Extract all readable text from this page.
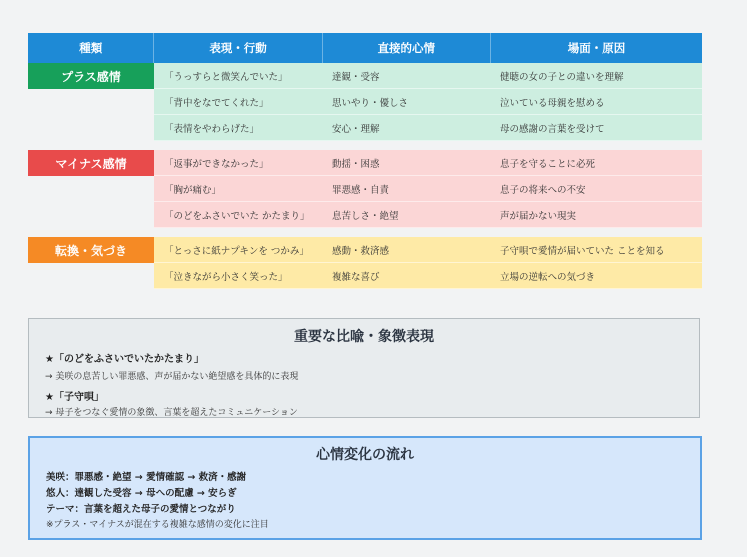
種類	表現・行動	直接的心情	場面・原因
プラス感情	「うっすらと微笑んでいた」	達観・受容	健聴の女の子との違いを理解
「背中をなでてくれた」	思いやり・優しさ	泣いている母親を慰める
「表情をやわらげた」	安心・理解	母の感謝の言葉を受けて
マイナス感情	「返事ができなかった」	動揺・困惑	息子を守ることに必死
「胸が痛む」	罪悪感・自責	息子の将来への不安
「のどをふさいでいた かたまり」	息苦しさ・絶望	声が届かない現実
転換・気づき	「とっさに紙ナプキンを つかみ」	感動・救済感	子守唄で愛情が届いていた ことを知る
「泣きながら小さく笑った」	複雑な喜び	立場の逆転への気づき
重要な比喩・象徴表現
★「のどをふさいでいたかたまり」
→ 美咲の息苦しい罪悪感、声が届かない絶望感を具体的に表現
★「子守唄」
→ 母子をつなぐ愛情の象徴、言葉を超えたコミュニケーション
心情変化の流れ
美咲：罪悪感・絶望 → 愛情確認 → 救済・感謝
悠人：達観した受容 → 母への配慮 → 安らぎ
テーマ：言葉を超えた母子の愛情とつながり
※プラス・マイナスが混在する複雑な感情の変化に注目
